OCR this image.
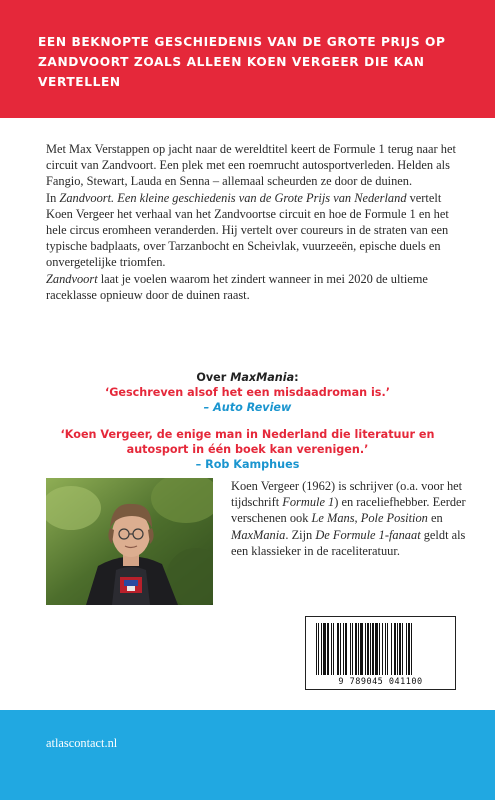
EEN BEKNOPTE GESCHIEDENIS VAN DE GROTE PRIJS OP ZANDVOORT ZOALS ALLEEN KOEN VERGEER DIE KAN VERTELLEN

Met Max Verstappen op jacht naar de wereldtitel keert de Formule 1 terug naar het circuit van Zandvoort. Een plek met een roemrucht autosportverleden. Helden als Fangio, Stewart, Lauda en Senna – allemaal scheurden ze door de duinen.

In Zandvoort. Een kleine geschiedenis van de Grote Prijs van Nederland vertelt Koen Vergeer het verhaal van het Zandvoortse circuit en hoe de Formule 1 en het hele circus eromheen veranderden. Hij vertelt over coureurs in de straten van een typische badplaats, over Tarzanbocht en Scheivlak, vuurzeeën, epische duels en onvergetelijke triomfen.

Zandvoort laat je voelen waarom het zindert wanneer in mei 2020 de ultieme raceklasse opnieuw door de duinen raast.

Over MaxMania:
‘Geschreven alsof het een misdaadroman is.’
– Auto Review
‘Koen Vergeer, de enige man in Nederland die literatuur en autosport in één boek kan verenigen.’
– Rob Kamphues
Koen Vergeer (1962) is schrijver (o.a. voor het tijdschrift Formule 1) en raceliefhebber. Eerder verschenen ook Le Mans, Pole Position en MaxMania. Zijn De Formule 1-fanaat geldt als een klassieker in de raceliteratuur.
9 789045 041100
atlascontact.nl
